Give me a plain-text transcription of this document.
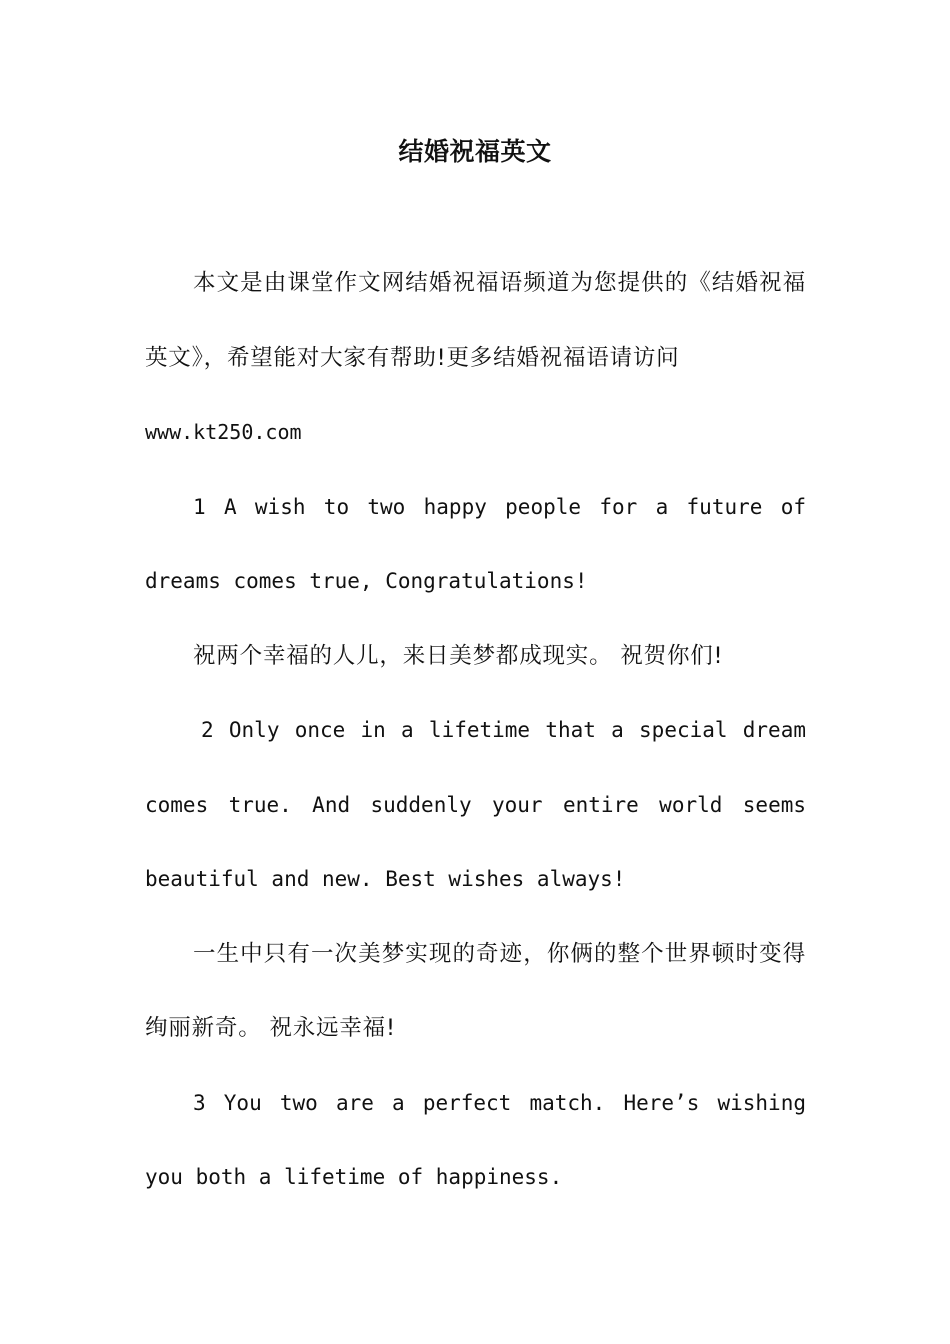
结婚祝福英文

本文是由课堂作文网结婚祝福语频道为您提供的《结婚祝福英文》，希望能对大家有帮助!更多结婚祝福语请访问
www.kt250.com

1 A wish to two happy people for a future of dreams comes true, Congratulations!

祝两个幸福的人儿，来日美梦都成现实。 祝贺你们!

2 Only once in a lifetime that a special dream comes true. And suddenly your entire world seems beautiful and new. Best wishes always!

一生中只有一次美梦实现的奇迹，你俩的整个世界顿时变得绚丽新奇。 祝永远幸福!

3 You two are a perfect match. Here’s wishing you both a lifetime of happiness.
